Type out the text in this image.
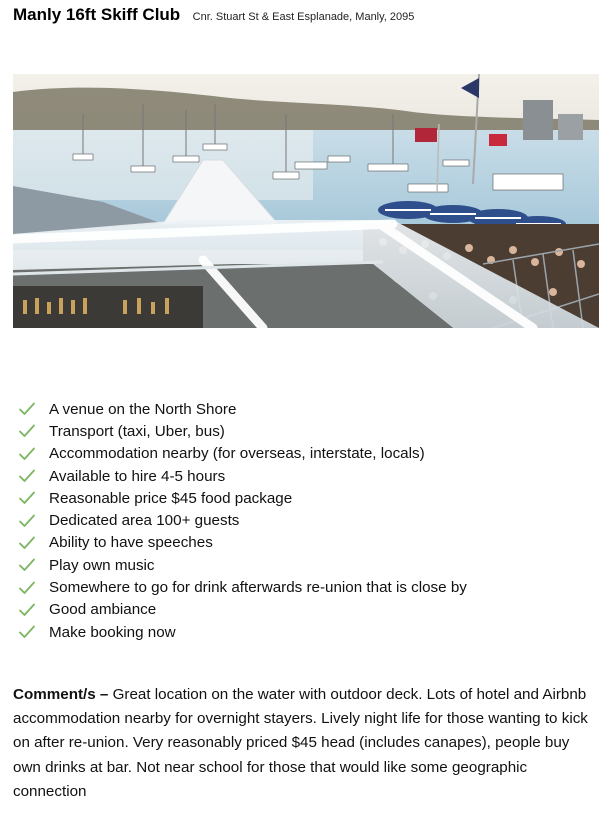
Manly 16ft Skiff Club Cnr. Stuart St & East Esplanade, Manly, 2095
A venue on the North Shore
Transport (taxi, Uber, bus)
Accommodation nearby (for overseas, interstate, locals)
Available to hire 4-5 hours
Reasonable price $45 food package
Dedicated area 100+ guests
Ability to have speeches
Play own music
Somewhere to go for drink afterwards re-union that is close by
Good ambiance
Make booking now

Comment/s – Great location on the water with outdoor deck. Lots of hotel and Airbnb accommodation nearby for overnight stayers. Lively night life for those wanting to kick on after re-union. Very reasonably priced $45 head (includes canapes), people buy own drinks at bar. Not near school for those that would like some geographic connection
